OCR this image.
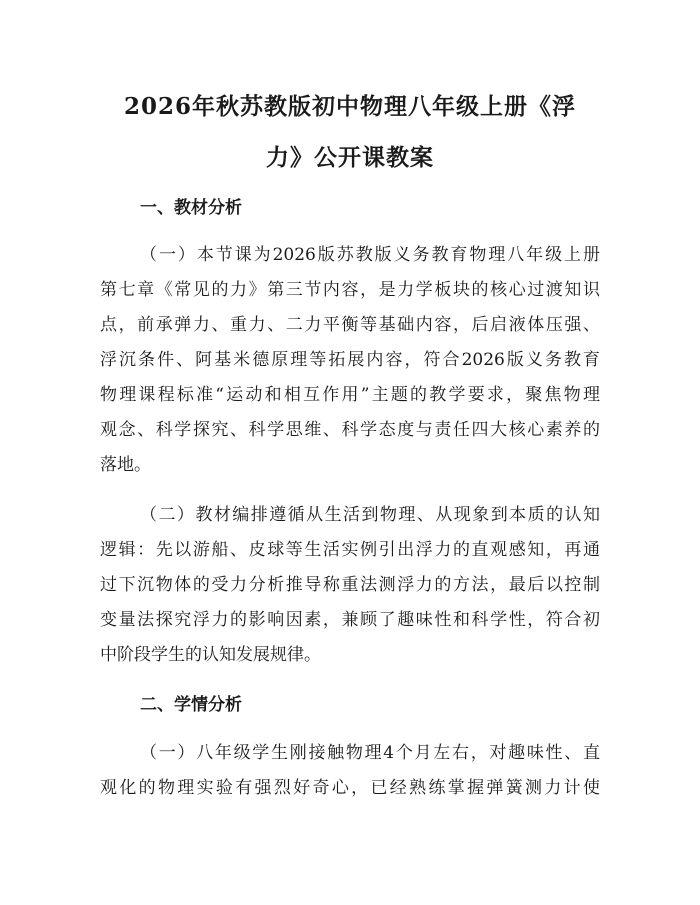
2026年秋苏教版初中物理八年级上册《浮
力》公开课教案
一、教材分析

（一）本节课为2026版苏教版义务教育物理八年级上册

第七章《常见的力》第三节内容，是力学板块的核心过渡知识

点，前承弹力、重力、二力平衡等基础内容，后启液体压强、

浮沉条件、阿基米德原理等拓展内容，符合2026版义务教育

物理课程标准“运动和相互作用”主题的教学要求，聚焦物理

观念、科学探究、科学思维、科学态度与责任四大核心素养的

落地。

（二）教材编排遵循从生活到物理、从现象到本质的认知

逻辑：先以游船、皮球等生活实例引出浮力的直观感知，再通

过下沉物体的受力分析推导称重法测浮力的方法，最后以控制

变量法探究浮力的影响因素，兼顾了趣味性和科学性，符合初

中阶段学生的认知发展规律。

二、学情分析

（一）八年级学生刚接触物理4个月左右，对趣味性、直

观化的物理实验有强烈好奇心，已经熟练掌握弹簧测力计使
